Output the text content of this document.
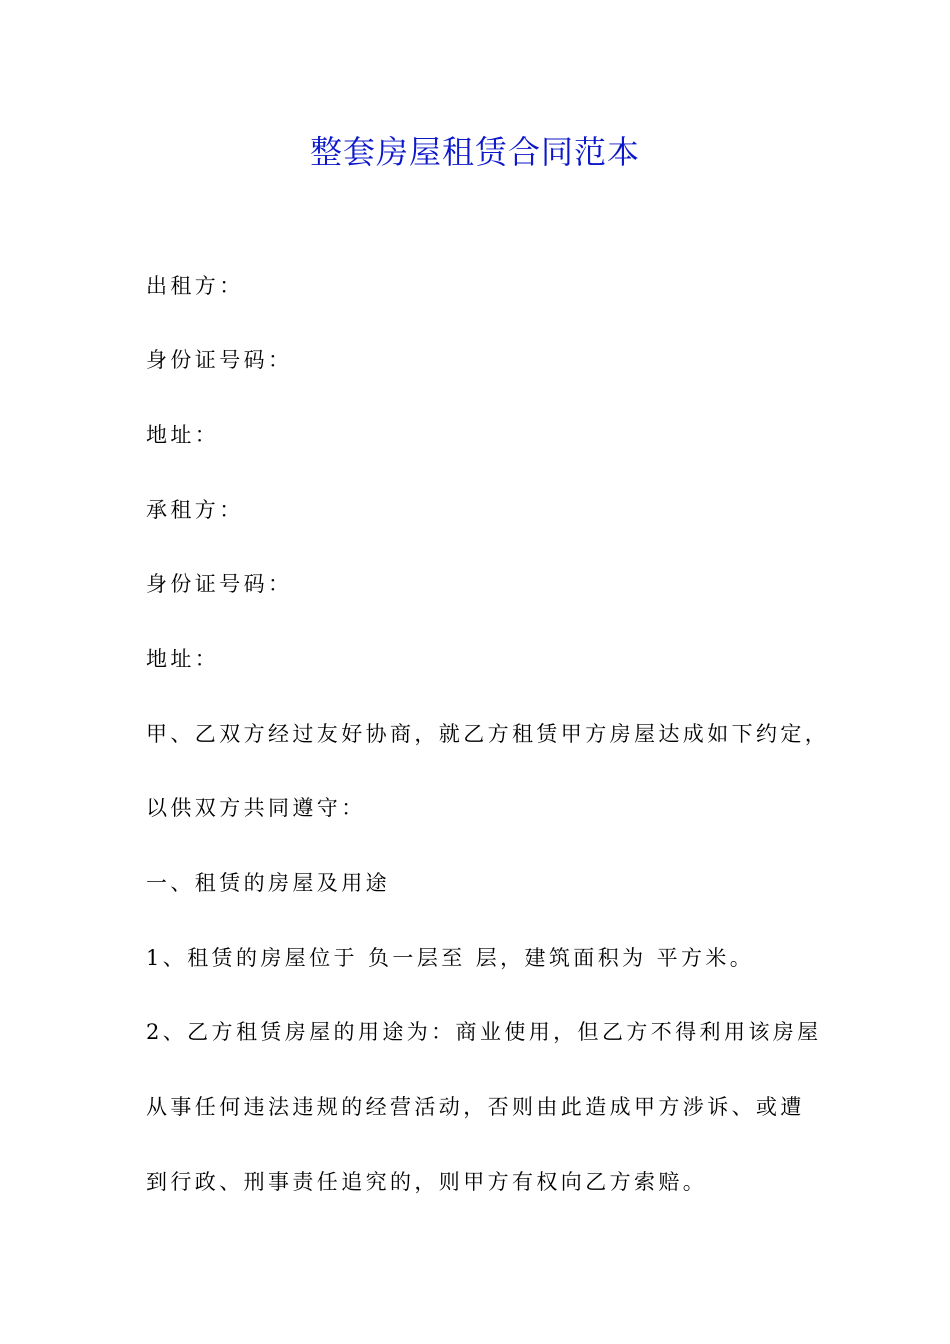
整套房屋租赁合同范本
出租方：
身份证号码：
地址：
承租方：
身份证号码：
地址：
甲、乙双方经过友好协商，就乙方租赁甲方房屋达成如下约定，
以供双方共同遵守：
一、租赁的房屋及用途
1、租赁的房屋位于 负一层至 层，建筑面积为 平方米。
2、乙方租赁房屋的用途为：商业使用，但乙方不得利用该房屋
从事任何违法违规的经营活动，否则由此造成甲方涉诉、或遭
到行政、刑事责任追究的，则甲方有权向乙方索赔。
